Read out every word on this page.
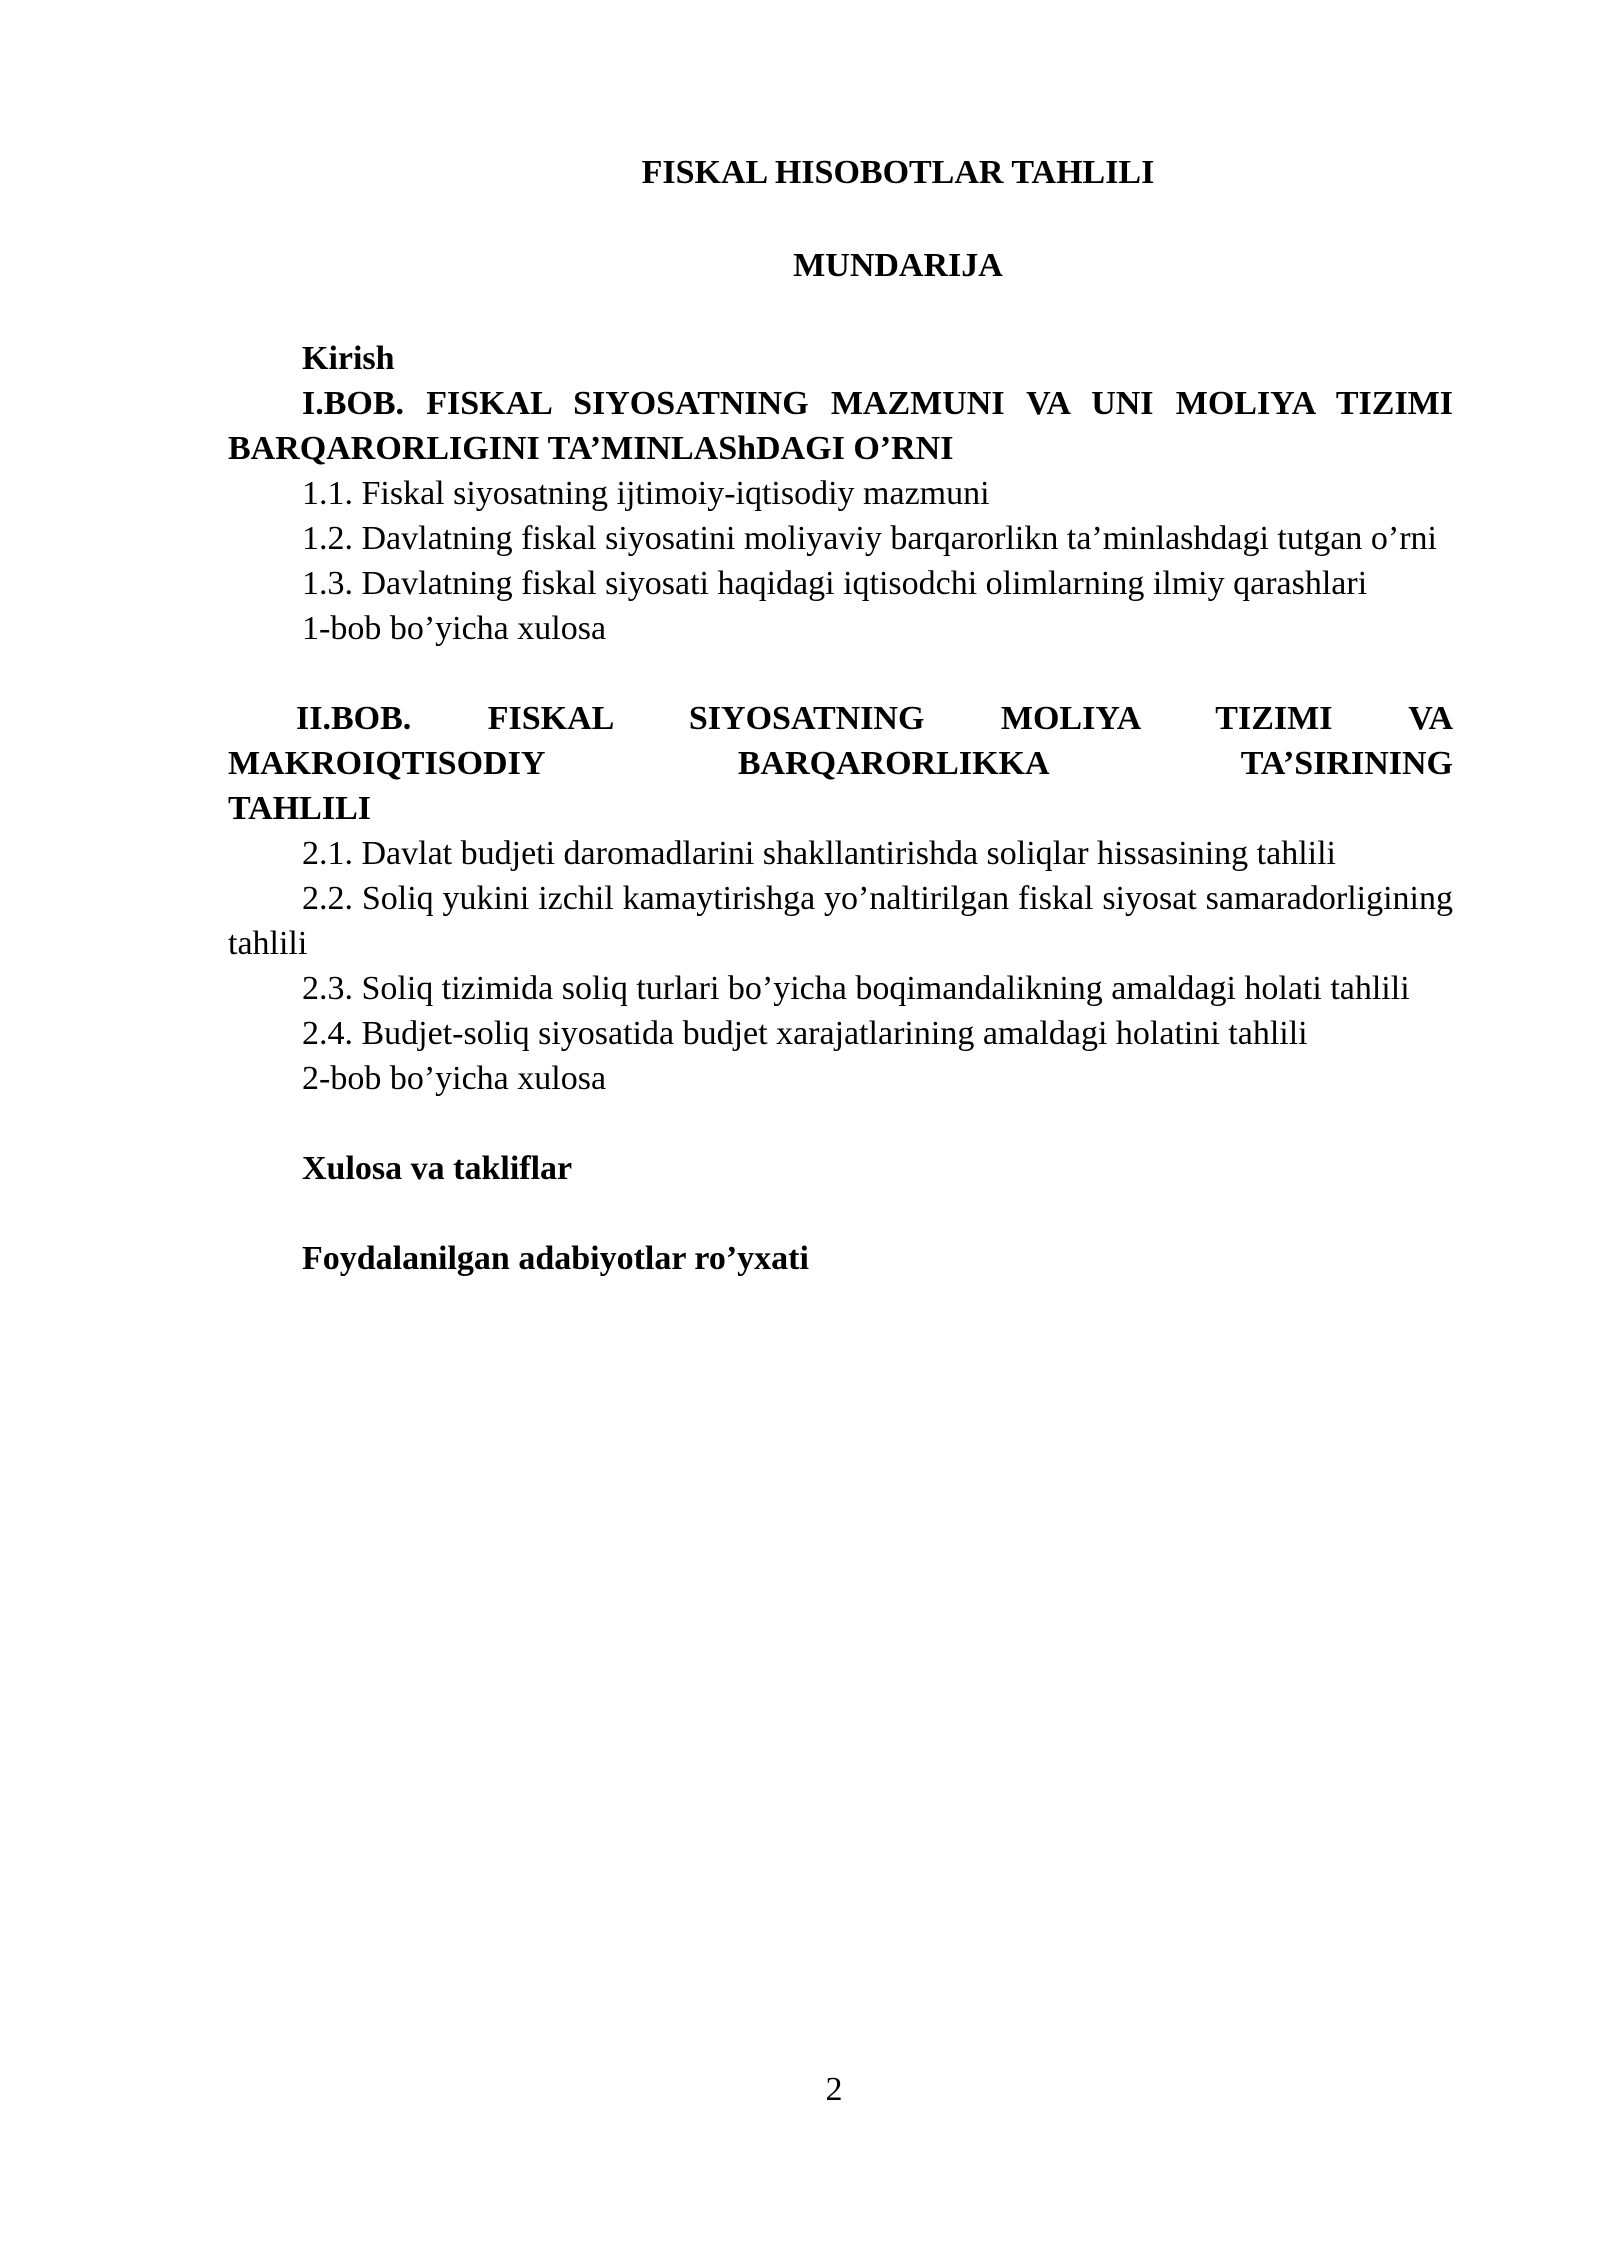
FISKAL HISOBOTLAR TAHLILI

MUNDARIJA

Kirish

I.BOB. FISKAL SIYOSATNING MAZMUNI VA UNI MOLIYA TIZIMI BARQARORLIGINI TA’MINLAShDAGI O’RNI

1.1. Fiskal siyosatning ijtimoiy-iqtisodiy mazmuni

1.2. Davlatning fiskal siyosatini moliyaviy barqarorlikn ta’minlashdagi tutgan o’rni

1.3. Davlatning fiskal siyosati haqidagi iqtisodchi olimlarning ilmiy qarashlari

1-bob bo’yicha xulosa

II.BOB. FISKAL SIYOSATNING MOLIYA TIZIMI VA
MAKROIQTISODIY BARQARORLIKKA TA’SIRINING
TAHLILI

2.1. Davlat budjeti daromadlarini shakllantirishda soliqlar hissasining tahlili

2.2. Soliq yukini izchil kamaytirishga yo’naltirilgan fiskal siyosat samaradorligining tahlili

2.3. Soliq tizimida soliq turlari bo’yicha boqimandalikning amaldagi holati tahlili

2.4. Budjet-soliq siyosatida budjet xarajatlarining amaldagi holatini tahlili

2-bob bo’yicha xulosa

Xulosa va takliflar

Foydalanilgan adabiyotlar ro’yxati

2
